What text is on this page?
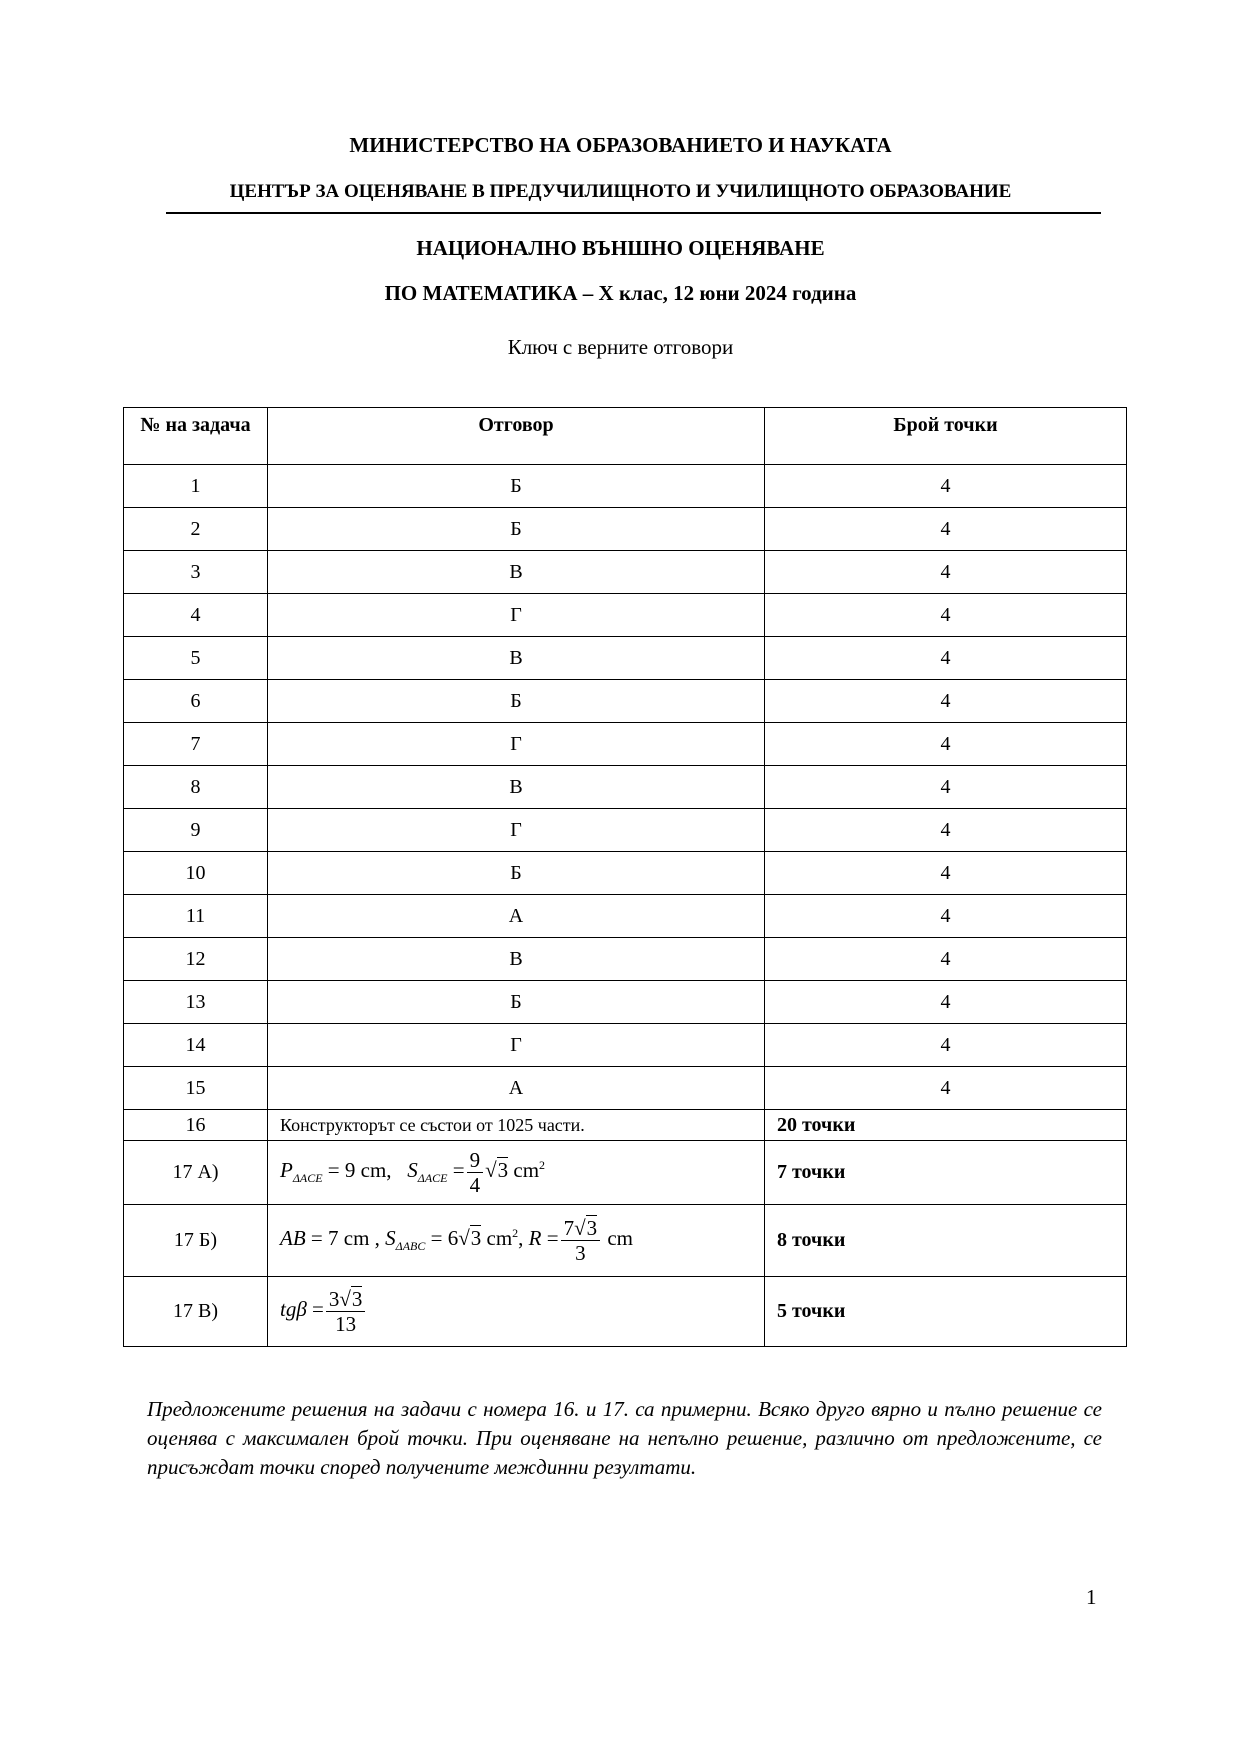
МИНИСТЕРСТВО НА ОБРАЗОВАНИЕТО И НАУКАТА
ЦЕНТЪР ЗА ОЦЕНЯВАНЕ В ПРЕДУЧИЛИЩНОТО И УЧИЛИЩНОТО ОБРАЗОВАНИЕ
НАЦИОНАЛНО ВЪНШНО ОЦЕНЯВАНЕ
ПО МАТЕМАТИКА – X клас, 12 юни 2024 година
Ключ с верните отговори
№ на задача	Отговор	Брой точки
1	Б	4
2	Б	4
3	В	4
4	Г	4
5	В	4
6	Б	4
7	Г	4
8	В	4
9	Г	4
10	Б	4
11	А	4
12	В	4
13	Б	4
14	Г	4
15	А	4
16	Конструкторът се състои от 1025 части.	20 точки
17 А)	$P_{\Delta ACE} = 9$ cm, $S_{\Delta ACE} = \frac{9}{4} √3$ $cm^2$	7 точки
17 Б)	AB = 7 cm , $S_{\Delta ABC} = 6√3$ $cm^2$, $R = \frac{7√3}{3}$ cm	8 точки
17 В)	$tg\beta = \frac{3√3}{13}$	5 точки
Предложените решения на задачи с номера 16. и 17. са примерни. Всяко друго вярно и пълно решение се оценява с максимален брой точки. При оценяване на непълно решение, различно от предложените, се присъждат точки според получените междинни резултати.
1
